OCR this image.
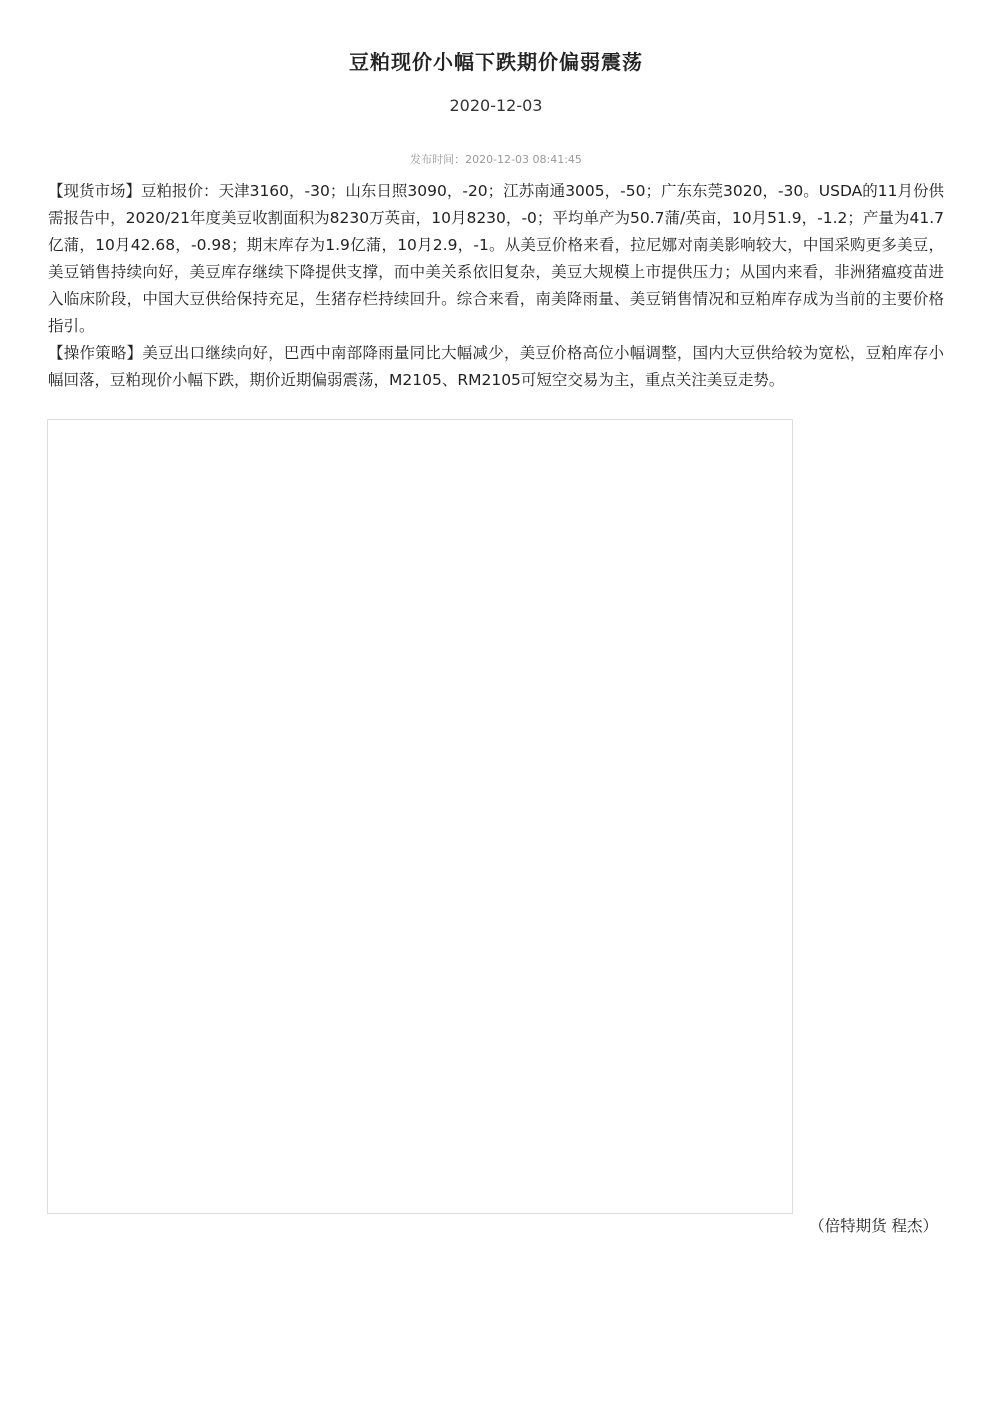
豆粕现价小幅下跌期价偏弱震荡
2020-12-03
发布时间：2020-12-03 08:41:45

【现货市场】豆粕报价：天津3160，-30；山东日照3090，-20；江苏南通3005，-50；广东东莞3020，-30。USDA的11月份供需报告中，2020/21年度美豆收割面积为8230万英亩，10月8230，-0；平均单产为50.7蒲/英亩，10月51.9，-1.2；产量为41.7亿蒲，10月42.68，-0.98；期末库存为1.9亿蒲，10月2.9，-1。从美豆价格来看，拉尼娜对南美影响较大，中国采购更多美豆，美豆销售持续向好，美豆库存继续下降提供支撑，而中美关系依旧复杂，美豆大规模上市提供压力；从国内来看，非洲猪瘟疫苗进入临床阶段，中国大豆供给保持充足，生猪存栏持续回升。综合来看，南美降雨量、美豆销售情况和豆粕库存成为当前的主要价格指引。

【操作策略】美豆出口继续向好，巴西中南部降雨量同比大幅减少，美豆价格高位小幅调整，国内大豆供给较为宽松，豆粕库存小幅回落，豆粕现价小幅下跌，期价近期偏弱震荡，M2105、RM2105可短空交易为主，重点关注美豆走势。

（倍特期货 程杰）
